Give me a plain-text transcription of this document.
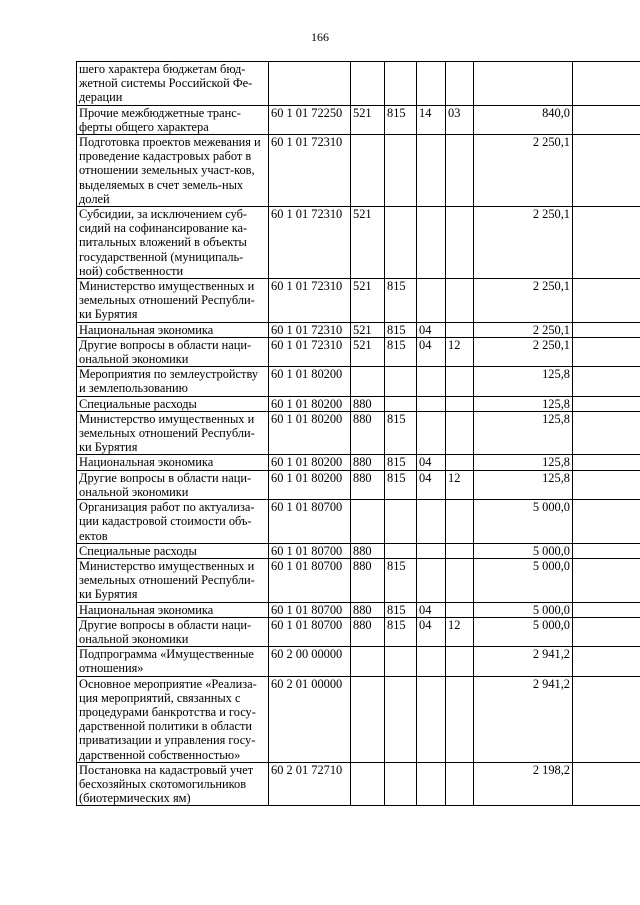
166
шего характера бюджетам бюд-жетной системы Российской Фе-дерации							
Прочие межбюджетные транс-ферты общего характера	60 1 01 72250	521	815	14	03	840,0	
Подготовка проектов межевания и проведение кадастровых работ в отношении земельных участ-ков, выделяемых в счет земель-ных долей	60 1 01 72310					2 250,1	
Субсидии, за исключением суб-сидий на софинансирование ка-питальных вложений в объекты государственной (муниципаль-ной) собственности	60 1 01 72310	521				2 250,1	
Министерство имущественных и земельных отношений Республи-ки Бурятия	60 1 01 72310	521	815			2 250,1	
Национальная экономика	60 1 01 72310	521	815	04		2 250,1	
Другие вопросы в области наци-ональной экономики	60 1 01 72310	521	815	04	12	2 250,1	
Мероприятия по землеустройству и землепользованию	60 1 01 80200					125,8	
Специальные расходы	60 1 01 80200	880				125,8	
Министерство имущественных и земельных отношений Республи-ки Бурятия	60 1 01 80200	880	815			125,8	
Национальная экономика	60 1 01 80200	880	815	04		125,8	
Другие вопросы в области наци-ональной экономики	60 1 01 80200	880	815	04	12	125,8	
Организация работ по актуализа-ции кадастровой стоимости объ-ектов	60 1 01 80700					5 000,0	
Специальные расходы	60 1 01 80700	880				5 000,0	
Министерство имущественных и земельных отношений Республи-ки Бурятия	60 1 01 80700	880	815			5 000,0	
Национальная экономика	60 1 01 80700	880	815	04		5 000,0	
Другие вопросы в области наци-ональной экономики	60 1 01 80700	880	815	04	12	5 000,0	
Подпрограмма «Имущественные отношения»	60 2 00 00000					2 941,2	
Основное мероприятие «Реализа-ция мероприятий, связанных с процедурами банкротства и госу-дарственной политики в области приватизации и управления госу-дарственной собственностью»	60 2 01 00000					2 941,2	
Постановка на кадастровый учет бесхозяйных скотомогильников (биотермических ям)	60 2 01 72710					2 198,2	
